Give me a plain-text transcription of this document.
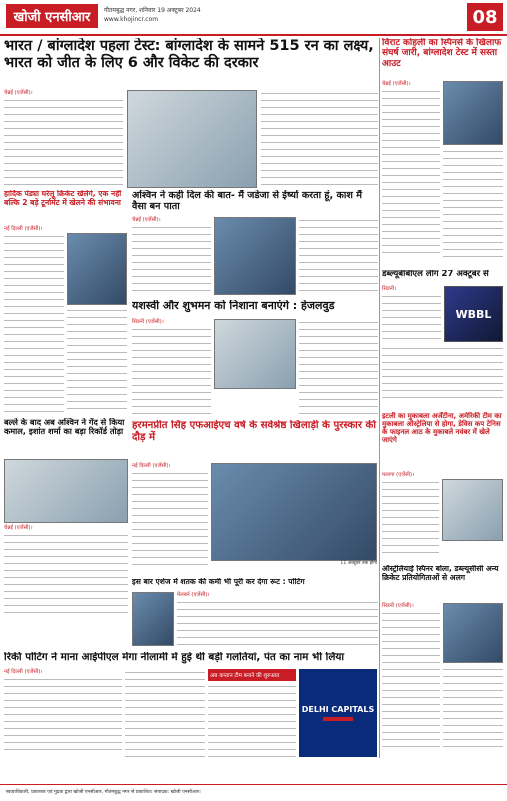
खोजी एनसीआर	गौतमबुद्ध नगर, शनिवार 19 अक्टूबर 2024
www.khojincr.com	08
भारत / बांग्लादेश पहला टेस्ट: बांग्लादेश के सामने 515 रन का लक्ष्य, भारत को जीत के लिए 6 और विकेट की दरकार
चेन्नई (एजेंसी)।
विराट कोहली का स्पिनर्स के खिलाफ संघर्ष जारी, बांग्लादेश टेस्ट में सस्ता आउट
चेन्नई (एजेंसी)।
हार्दिक पंड्या घरेलू क्रिकेट खेलेंगे, एक नहीं बल्कि 2 बड़े टूर्नामेंट में खेलने की संभावना
नई दिल्ली (एजेंसी)।
अश्विन ने कही दिल की बात- मैं जडेजा से ईर्ष्या करता हूं, काश मैं वैसा बन पाता
चेन्नई (एजेंसी)।
यशस्वी और शुभमन को निशाना बनाएंगे : हेजलवुड
सिडनी (एजेंसी)।
डब्ल्यूबीबीएल लीग 27 अक्टूबर से
सिडनी।
WBBL
बल्ले के बाद अब अश्विन ने गेंद से किया कमाल, इशांत शर्मा का बड़ा रिकॉर्ड तोड़ा
चेन्नई (एजेंसी)।
हरमनप्रीत सिंह एफआईएच वर्ष के सर्वश्रेष्ठ खिलाड़ी के पुरस्कार की दौड़ में
नई दिल्ली (एजेंसी)।
11 अक्टूबर तक होगा
इटली का मुकाबला अर्जेंटीना, अमेरिकी टीम का मुकाबला ऑस्ट्रेलिया से होगा, डेविस कप टेनिस के फाइनल आठ के मुकाबले नवंबर में खेले जाएंगे
मलागा (एजेंसी)।
इस बार एशेज में शतक की कमी भी पूरी कर देगा रूट : पोंटिंग
मेलबर्न (एजेंसी)।
ऑस्ट्रेलियाई स्पिनर बोला, डब्ल्यूसीसी अन्य क्रिकेट प्रतियोगिताओं से अलग
सिडनी (एजेंसी)।
रिकी पोंटिंग ने माना आईपीएल मेगा नीलामी में हुई थी बड़ी गलतियां, पंत का नाम भी लिया
नई दिल्ली (एजेंसी)।
अब कप्तान टीम बनाने की शुरुआत
DELHI CAPITALS
स्वत्वाधिकारी, प्रकाशक एवं मुद्रक द्वारा खोजी एनसीआर, गौतमबुद्ध नगर से प्रकाशित। संपादक: खोजी एनसीआर।
